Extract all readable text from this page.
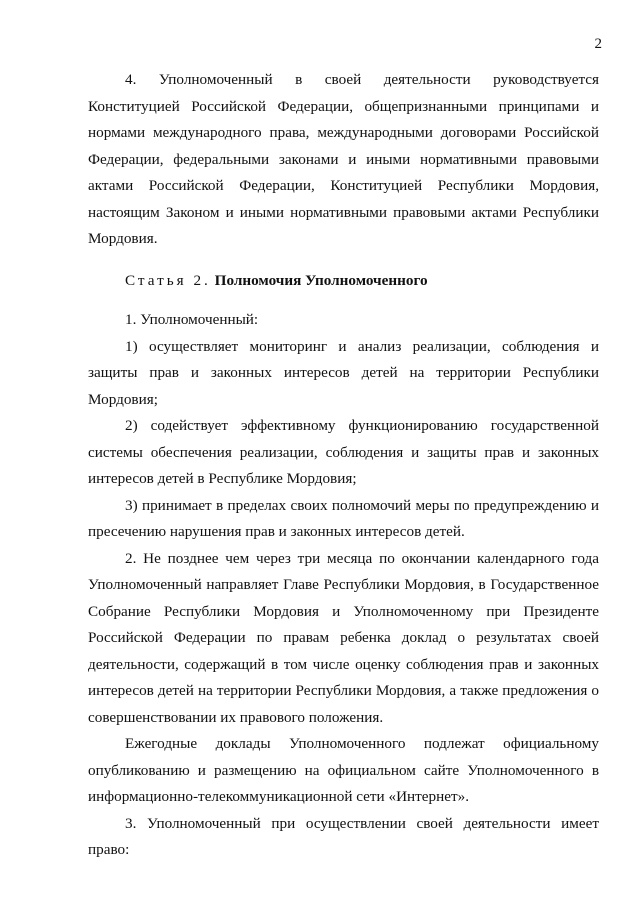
2

4. Уполномоченный в своей деятельности руководствуется Конституцией Российской Федерации, общепризнанными принципами и нормами международного права, международными договорами Российской Федерации, федеральными законами и иными нормативными правовыми актами Российской Федерации, Конституцией Республики Мордовия, настоящим Законом и иными нормативными правовыми актами Республики Мордовия.

Статья 2. Полномочия Уполномоченного

1. Уполномоченный:

1) осуществляет мониторинг и анализ реализации, соблюдения и защиты прав и законных интересов детей на территории Республики Мордовия;

2) содействует эффективному функционированию государственной системы обеспечения реализации, соблюдения и защиты прав и законных интересов детей в Республике Мордовия;

3) принимает в пределах своих полномочий меры по предупреждению и пресечению нарушения прав и законных интересов детей.

2. Не позднее чем через три месяца по окончании календарного года Уполномоченный направляет Главе Республики Мордовия, в Государственное Собрание Республики Мордовия и Уполномоченному при Президенте Российской Федерации по правам ребенка доклад о результатах своей деятельности, содержащий в том числе оценку соблюдения прав и законных интересов детей на территории Республики Мордовия, а также предложения о совершенствовании их правового положения.

Ежегодные доклады Уполномоченного подлежат официальному опубликованию и размещению на официальном сайте Уполномоченного в информационно-телекоммуникационной сети «Интернет».

3. Уполномоченный при осуществлении своей деятельности имеет право:
